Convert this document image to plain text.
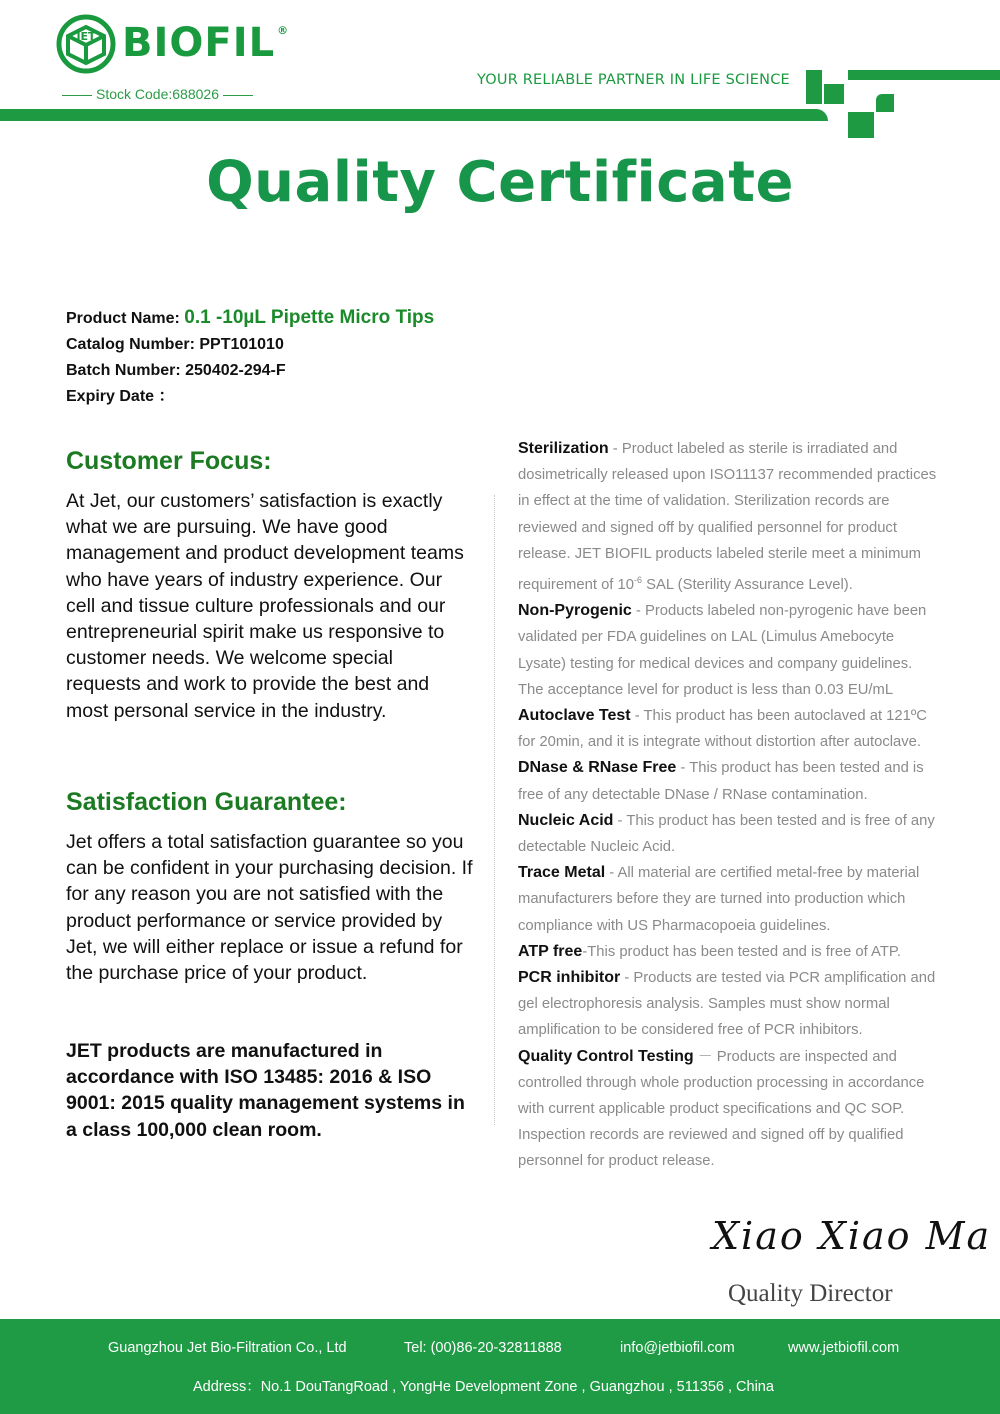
JET BIOFIL ®
Stock Code:688026
YOUR RELIABLE PARTNER IN LIFE SCIENCE
Quality Certificate
Product Name: 0.1 -10µL Pipette Micro Tips
Catalog Number: PPT101010
Batch Number: 250402-294-F
Expiry Date ：
Customer Focus:
At Jet, our customers’ satisfaction is exactly
what we are pursuing. We have good
management and product development teams
who have years of industry experience. Our
cell and tissue culture professionals and our
entrepreneurial spirit make us responsive to
customer needs. We welcome special
requests and work to provide the best and
most personal service in the industry.
Satisfaction Guarantee:
Jet offers a total satisfaction guarantee so you
can be confident in your purchasing decision. If
for any reason you are not satisfied with the
product performance or service provided by
Jet, we will either replace or issue a refund for
the purchase price of your product.
JET products are manufactured in
accordance with ISO 13485: 2016 & ISO
9001: 2015 quality management systems in
a class 100,000 clean room.

Sterilization - Product labeled as sterile is irradiated and dosimetrically released upon ISO11137 recommended practices in effect at the time of validation. Sterilization records are reviewed and signed off by qualified personnel for product release. JET BIOFIL products labeled sterile meet a minimum requirement of $10^{-6}$ SAL (Sterility Assurance Level).

Non-Pyrogenic - Products labeled non-pyrogenic have been validated per FDA guidelines on LAL (Limulus Amebocyte Lysate) testing for medical devices and company guidelines. The acceptance level for product is less than 0.03 EU/mL

Autoclave Test - This product has been autoclaved at 121ºC for 20min, and it is integrate without distortion after autoclave.

DNase & RNase Free - This product has been tested and is free of any detectable DNase / RNase contamination.

Nucleic Acid - This product has been tested and is free of any detectable Nucleic Acid.

Trace Metal - All material are certified metal-free by material manufacturers before they are turned into production which compliance with US Pharmacopoeia guidelines.

ATP free-This product has been tested and is free of ATP.

PCR inhibitor - Products are tested via PCR amplification and gel electrophoresis analysis. Samples must show normal amplification to be considered free of PCR inhibitors.

Quality Control Testing － Products are inspected and controlled through whole production processing in accordance with current applicable product specifications and QC SOP. Inspection records are reviewed and signed off by qualified personnel for product release.

Xiao Xiao Ma
Quality Director
Guangzhou Jet Bio-Filtration Co., Ltd	Tel: (00)86-20-32811888	info@jetbiofil.com	www.jetbiofil.com
Address：No.1 DouTangRoad , YongHe Development Zone , Guangzhou , 511356 , China
